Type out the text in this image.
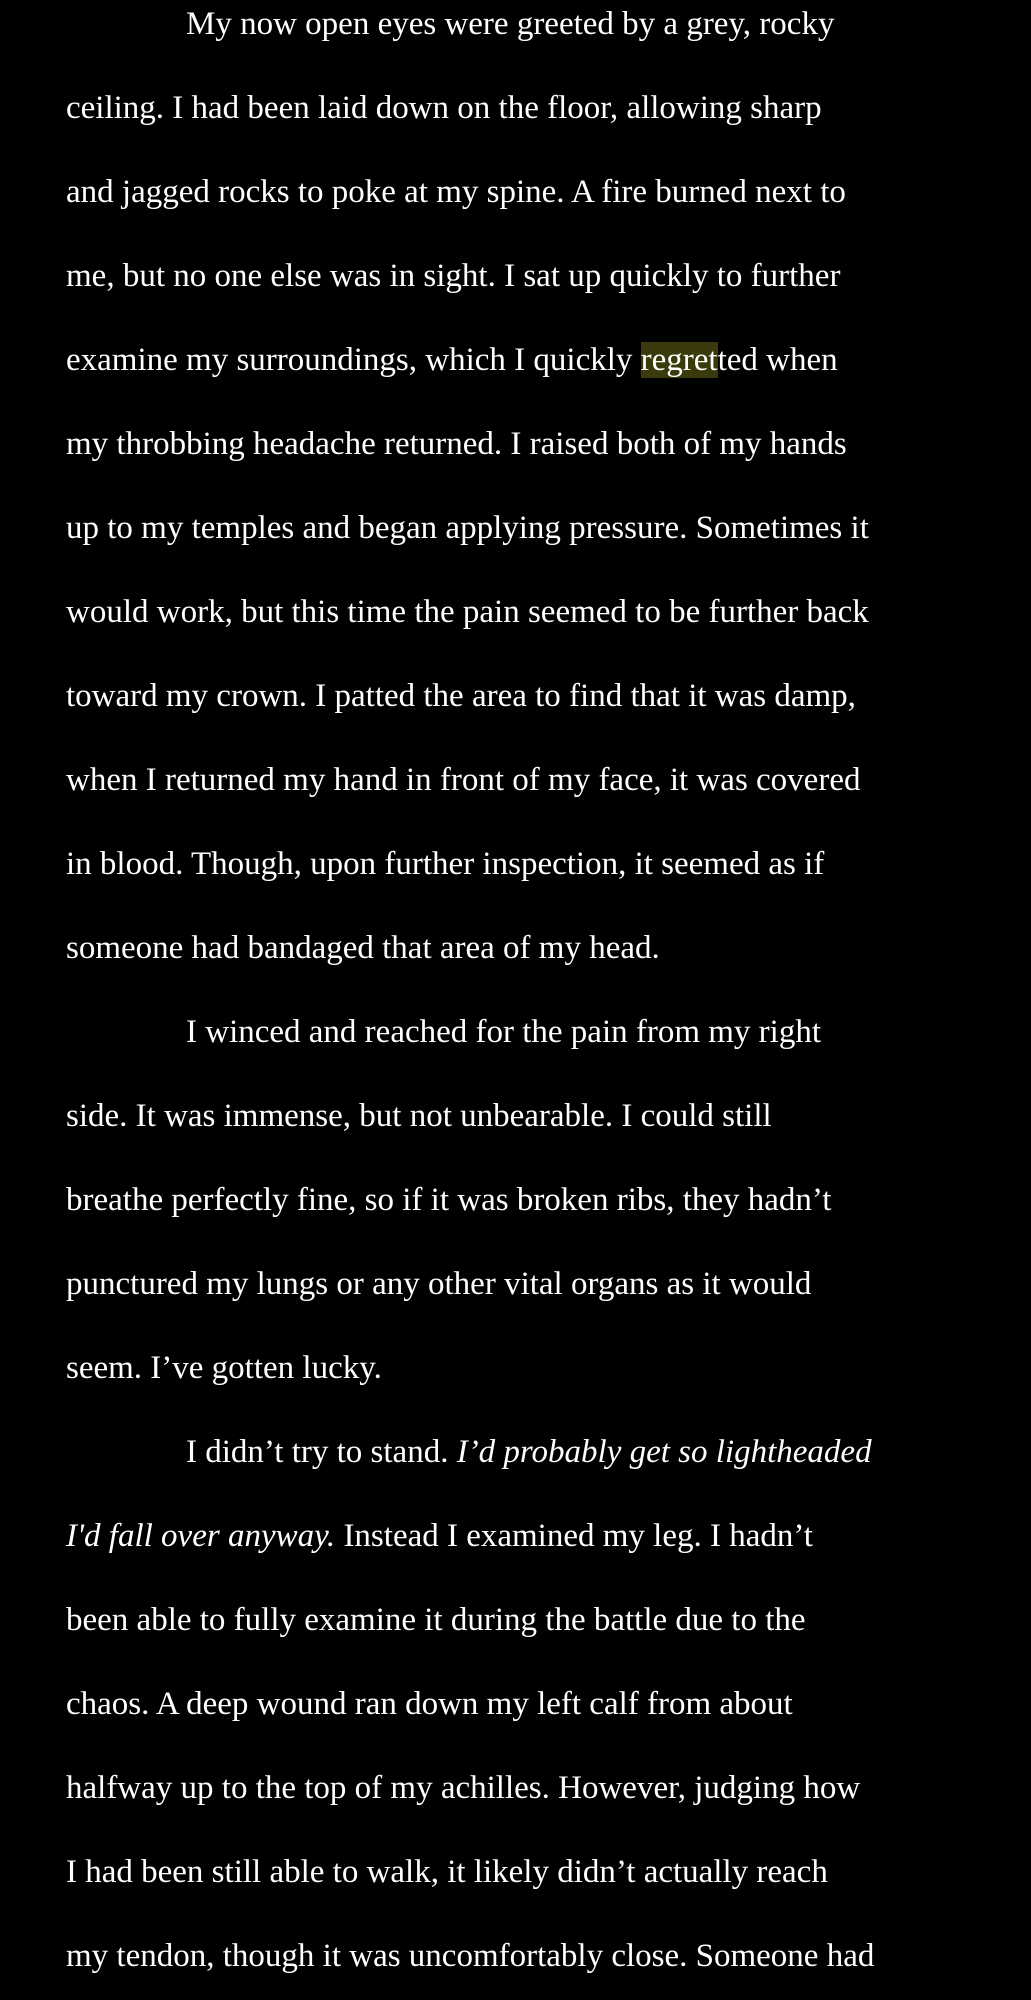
My now open eyes were greeted by a grey, rocky

ceiling. I had been laid down on the floor, allowing sharp

and jagged rocks to poke at my spine. A fire burned next to

me, but no one else was in sight. I sat up quickly to further

examine my surroundings, which I quickly regretted when

my throbbing headache returned. I raised both of my hands

up to my temples and began applying pressure. Sometimes it

would work, but this time the pain seemed to be further back

toward my crown. I patted the area to find that it was damp,

when I returned my hand in front of my face, it was covered

in blood. Though, upon further inspection, it seemed as if

someone had bandaged that area of my head.

I winced and reached for the pain from my right

side. It was immense, but not unbearable. I could still

breathe perfectly fine, so if it was broken ribs, they hadn’t

punctured my lungs or any other vital organs as it would

seem. I’ve gotten lucky.

I didn’t try to stand. I’d probably get so lightheaded

I'd fall over anyway. Instead I examined my leg. I hadn’t

been able to fully examine it during the battle due to the

chaos. A deep wound ran down my left calf from about

halfway up to the top of my achilles. However, judging how

I had been still able to walk, it likely didn’t actually reach

my tendon, though it was uncomfortably close. Someone had
